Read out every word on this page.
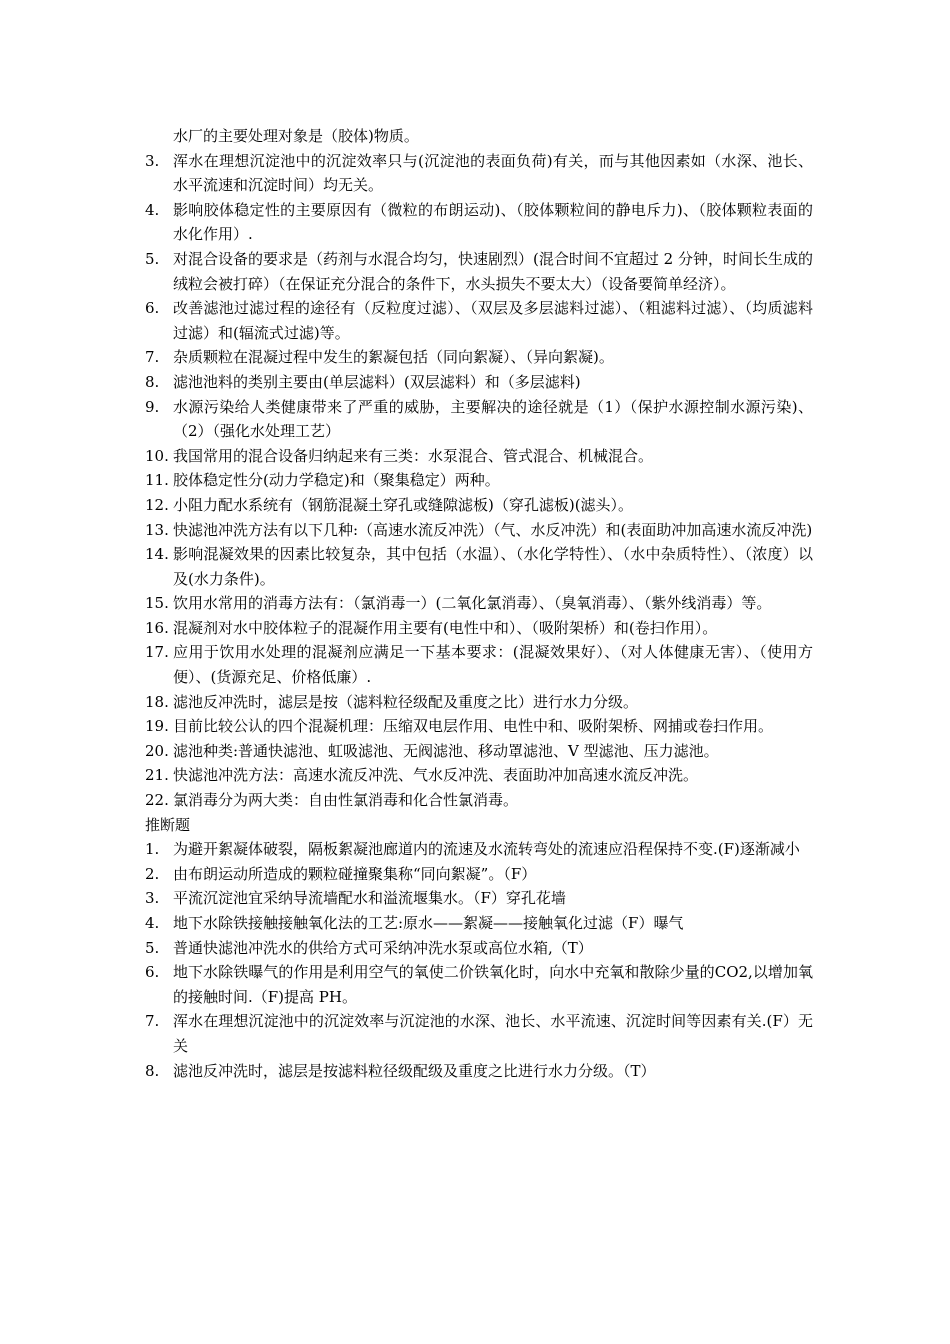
水厂的主要处理对象是（胶体)物质。

3. 浑水在理想沉淀池中的沉淀效率只与(沉淀池的表面负荷)有关，而与其他因素如（水深、池长、水平流速和沉淀时间）均无关。
4. 影响胶体稳定性的主要原因有（微粒的布朗运动)、（胶体颗粒间的静电斥力)、（胶体颗粒表面的水化作用）.
5. 对混合设备的要求是（药剂与水混合均匀，快速剧烈）(混合时间不宜超过 2 分钟，时间长生成的绒粒会被打碎）（在保证充分混合的条件下，水头损失不要太大）（设备要简单经济）。
6. 改善滤池过滤过程的途径有（反粒度过滤）、（双层及多层滤料过滤）、（粗滤料过滤）、（均质滤料过滤）和(辐流式过滤)等。
7. 杂质颗粒在混凝过程中发生的絮凝包括（同向絮凝）、（异向絮凝)。
8. 滤池池料的类别主要由(单层滤料）(双层滤料）和（多层滤料)
9. 水源污染给人类健康带来了严重的威胁，主要解决的途径就是（1）（保护水源控制水源污染)、（2）（强化水处理工艺）
10. 我国常用的混合设备归纳起来有三类：水泵混合、管式混合、机械混合。
11. 胶体稳定性分(动力学稳定)和（聚集稳定）两种。
12. 小阻力配水系统有（钢筋混凝土穿孔或缝隙滤板)（穿孔滤板)(滤头）。
13. 快滤池冲洗方法有以下几种:（高速水流反冲洗）（气、水反冲洗）和(表面助冲加高速水流反冲洗)
14. 影响混凝效果的因素比较复杂，其中包括（水温）、（水化学特性）、（水中杂质特性）、（浓度）以及(水力条件)。
15. 饮用水常用的消毒方法有：（氯消毒一）(二氧化氯消毒）、（臭氧消毒）、（紫外线消毒）等。
16. 混凝剂对水中胶体粒子的混凝作用主要有(电性中和）、（吸附架桥）和(卷扫作用）。
17. 应用于饮用水处理的混凝剂应满足一下基本要求：(混凝效果好）、（对人体健康无害）、（使用方便）、(货源充足、价格低廉）.
18. 滤池反冲洗时，滤层是按（滤料粒径级配及重度之比）进行水力分级。
19. 目前比较公认的四个混凝机理：压缩双电层作用、电性中和、吸附架桥、网捕或卷扫作用。
20. 滤池种类:普通快滤池、虹吸滤池、无阀滤池、移动罩滤池、V 型滤池、压力滤池。
21. 快滤池冲洗方法：高速水流反冲洗、气水反冲洗、表面助冲加高速水流反冲洗。
22. 氯消毒分为两大类：自由性氯消毒和化合性氯消毒。

推断题

1. 为避开絮凝体破裂，隔板絮凝池廊道内的流速及水流转弯处的流速应沿程保持不变.(F)逐渐减小
2. 由布朗运动所造成的颗粒碰撞聚集称“同向絮凝”。（F）
3. 平流沉淀池宜采纳导流墙配水和溢流堰集水。（F）穿孔花墙
4. 地下水除铁接触接触氧化法的工艺:原水——絮凝——接触氧化过滤（F）曝气
5. 普通快滤池冲洗水的供给方式可采纳冲洗水泵或高位水箱,（T）
6. 地下水除铁曝气的作用是利用空气的氧使二价铁氧化时，向水中充氧和散除少量的CO2,以增加氧的接触时间.（F)提高 PH。
7. 浑水在理想沉淀池中的沉淀效率与沉淀池的水深、池长、水平流速、沉淀时间等因素有关.(F）无关
8. 滤池反冲洗时，滤层是按滤料粒径级配级及重度之比进行水力分级。（T）
